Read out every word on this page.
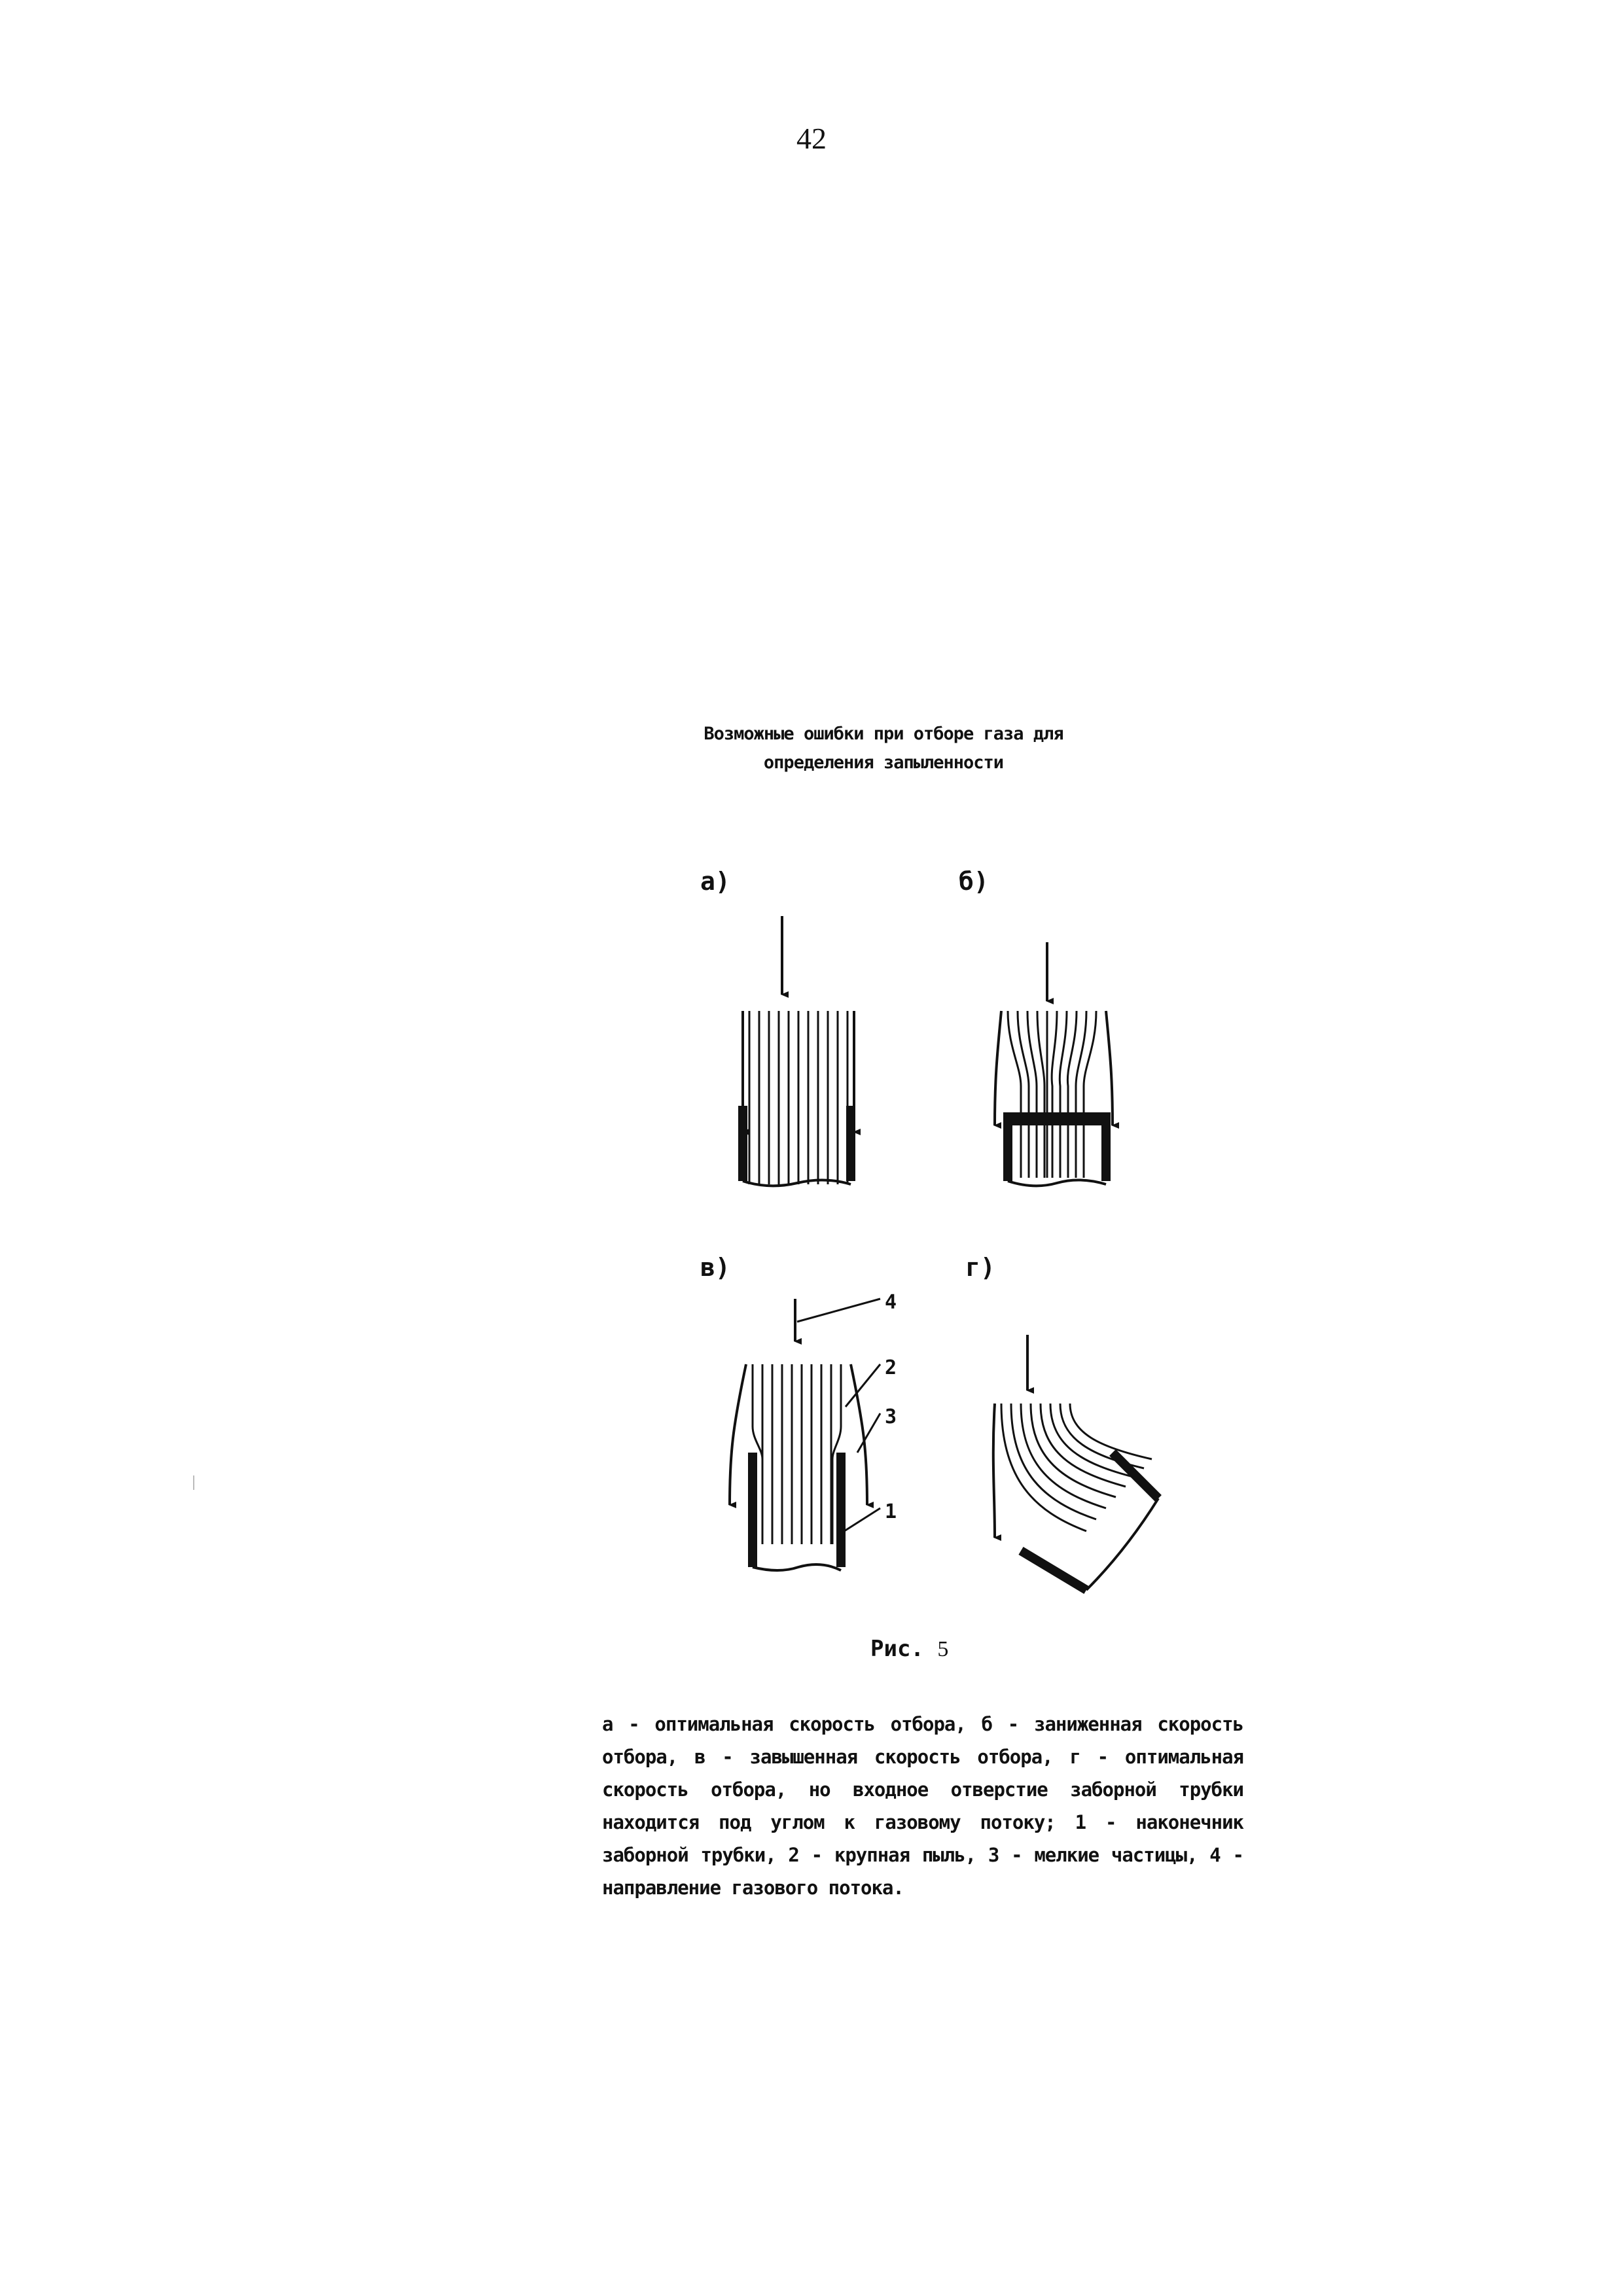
42
Возможные ошибки при отборе газа для
определения запыленности
а)	б)
в)	г)
4
2
3
1
Рис. 5
а - оптимальная скорость отбора, б - заниженная скорость отбора, в - завышенная скорость отбора, г - оптимальная скорость отбора, но входное отверстие заборной трубки находится под углом к газовому потоку; 1 - наконечник заборной трубки, 2 - крупная пыль, 3 - мелкие частицы, 4 - направление газового потока.
